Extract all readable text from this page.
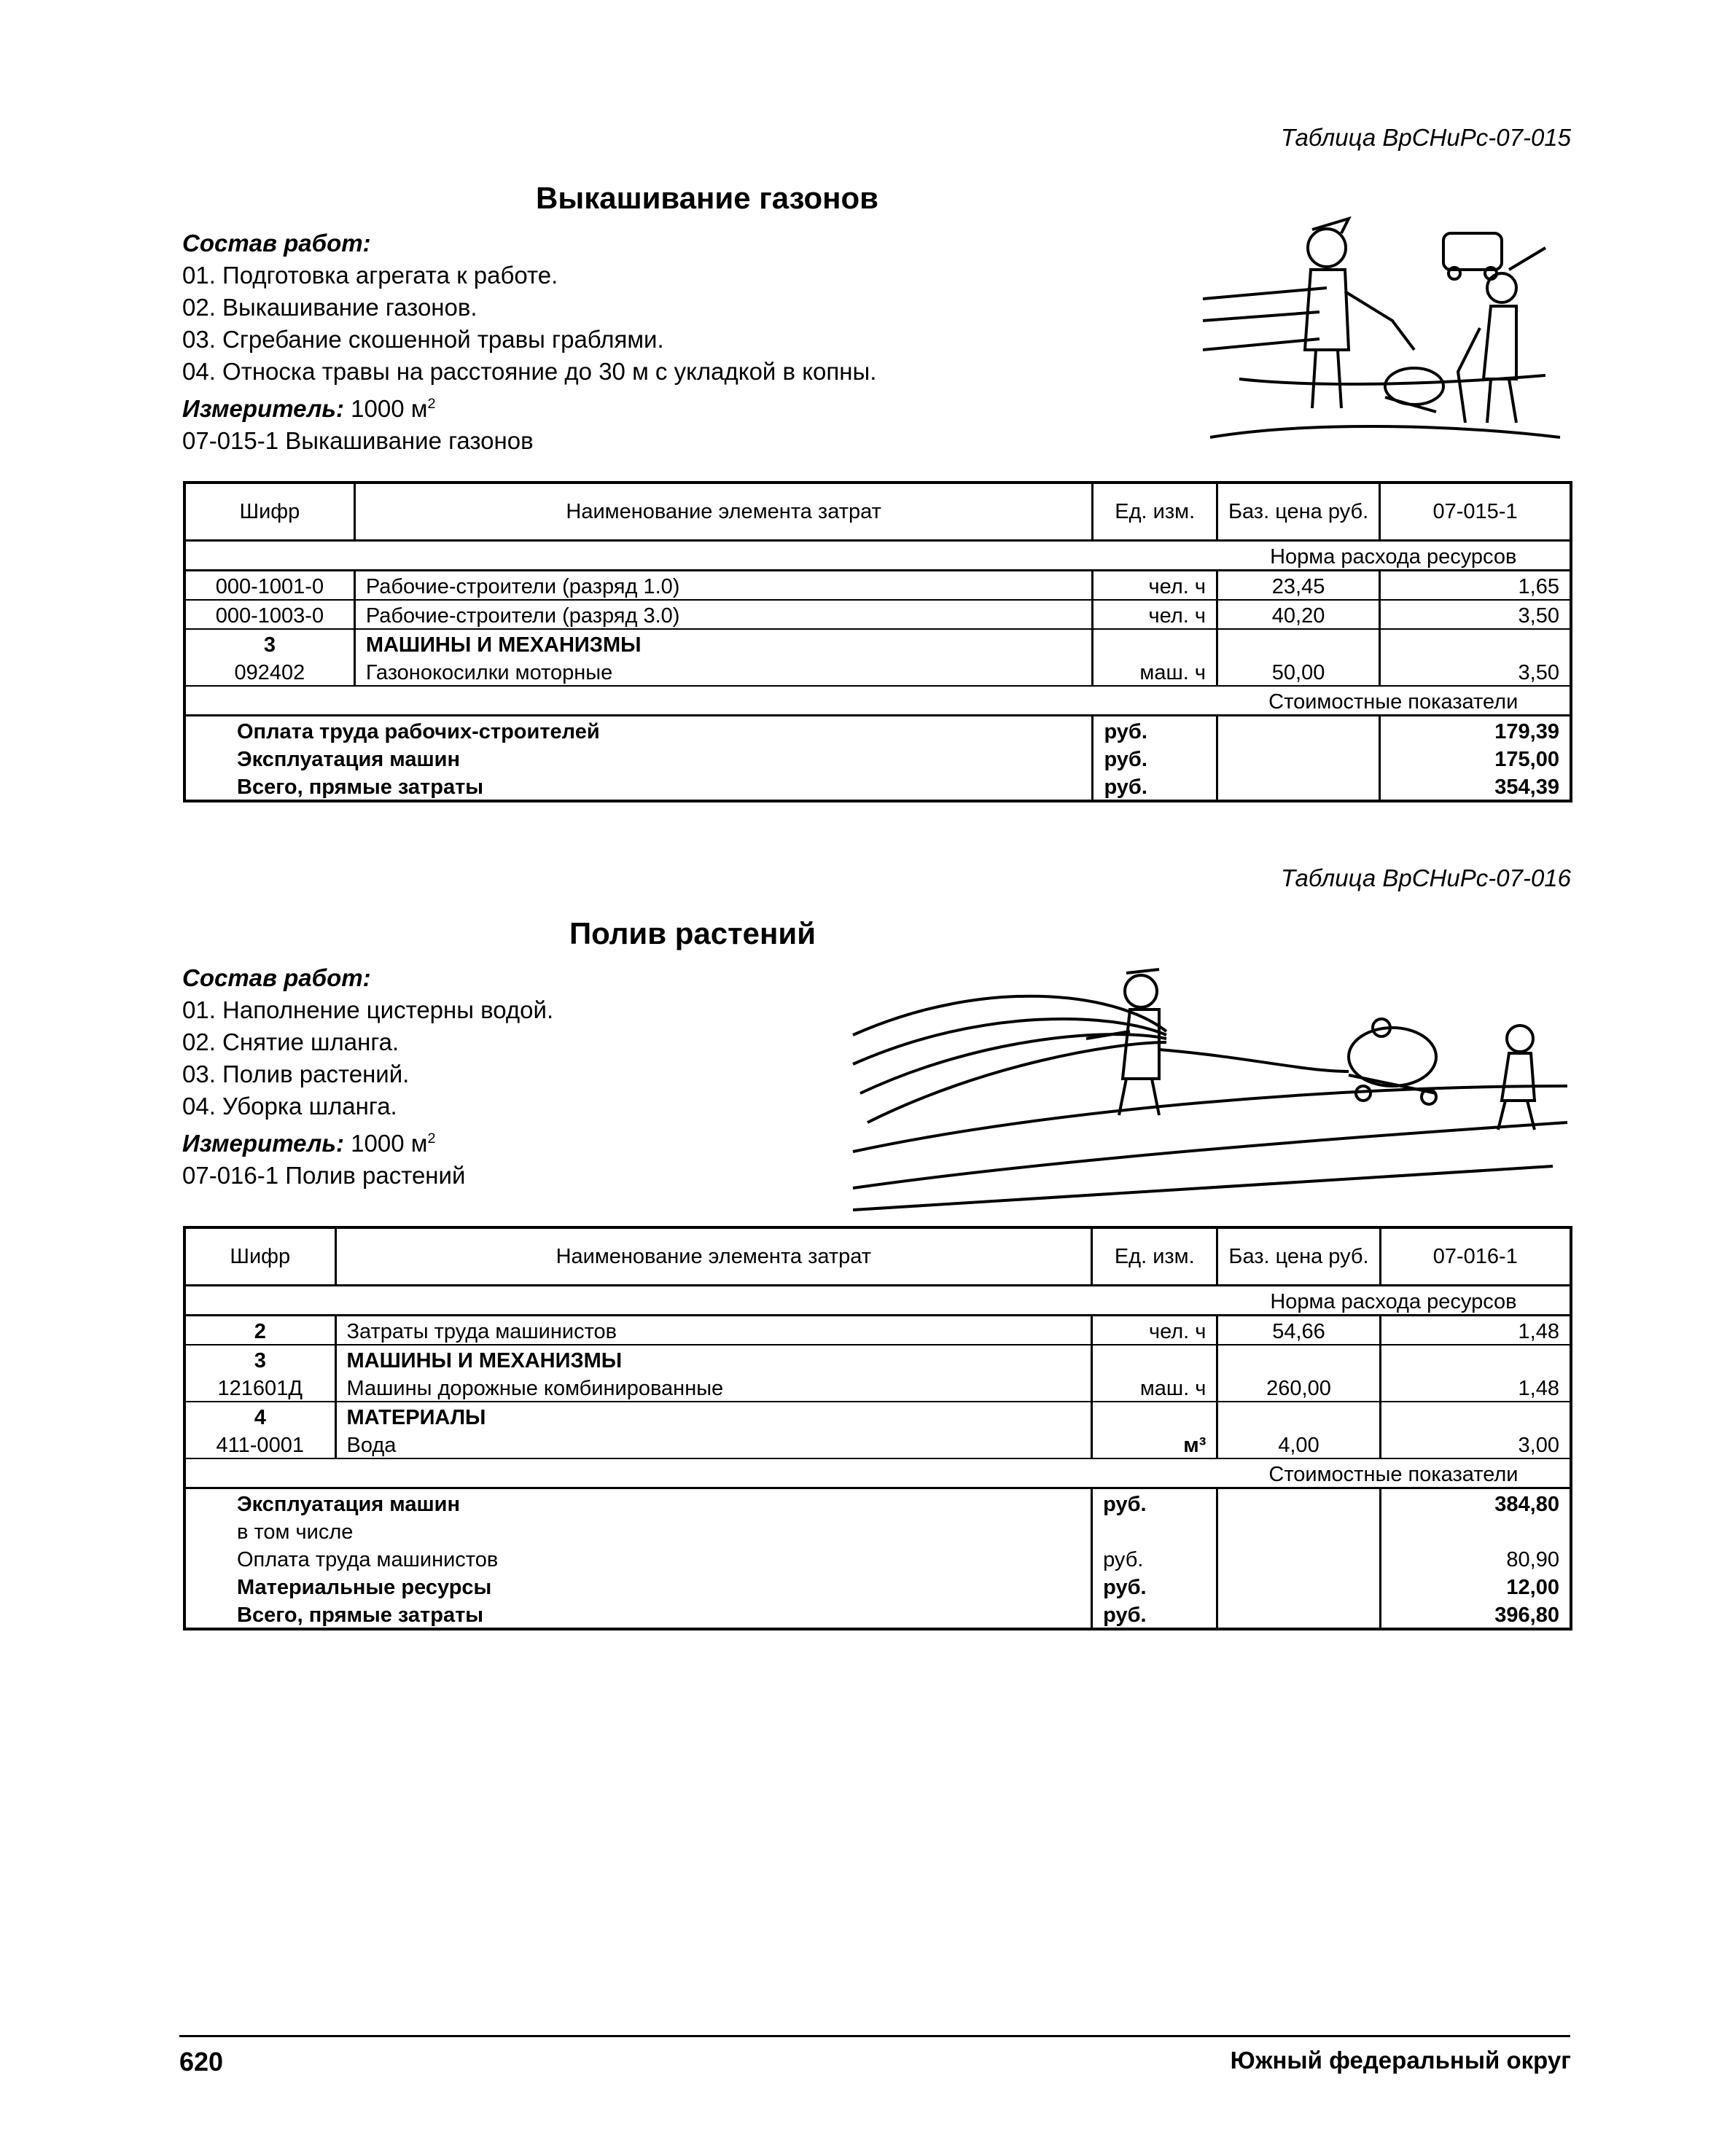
Таблица ВрСНиРс-07-015
Выкашивание газонов
Состав работ:
01. Подготовка агрегата к работе.
02. Выкашивание газонов.
03. Сгребание скошенной травы граблями.
04. Относка травы на расстояние до 30 м с укладкой в копны.
Измеритель: 1000 $м^2$
07-015-1 Выкашивание газонов
Шифр	Наименование элемента затрат	Ед. изм.	Баз. цена руб.	07-015-1
			Норма расхода ресурсов	
000-1001-0	Рабочие-строители (разряд 1.0)	чел. ч	23,45	1,65
000-1003-0	Рабочие-строители (разряд 3.0)	чел. ч	40,20	3,50
3	МАШИНЫ И МЕХАНИЗМЫ			
092402	Газонокосилки моторные	маш. ч	50,00	3,50
			Стоимостные показатели	
Оплата труда рабочих-строителей		руб.		179,39
Эксплуатация машин		руб.		175,00
Всего, прямые затраты		руб.		354,39
Таблица ВрСНиРс-07-016
Полив растений
Состав работ:
01. Наполнение цистерны водой.
02. Снятие шланга.
03. Полив растений.
04. Уборка шланга.
Измеритель: 1000 $м^2$
07-016-1 Полив растений
Шифр	Наименование элемента затрат	Ед. изм.	Баз. цена руб.	07-016-1
			Норма расхода ресурсов	
2	Затраты труда машинистов	чел. ч	54,66	1,48
3	МАШИНЫ И МЕХАНИЗМЫ			
121601Д	Машины дорожные комбинированные	маш. ч	260,00	1,48
4	МАТЕРИАЛЫ			
411-0001	Вода	м³	4,00	3,00
			Стоимостные показатели	
Эксплуатация машин		руб.		384,80
в том числе				
Оплата труда машинистов		руб.		80,90
Материальные ресурсы		руб.		12,00
Всего, прямые затраты		руб.		396,80
620	Южный федеральный округ
